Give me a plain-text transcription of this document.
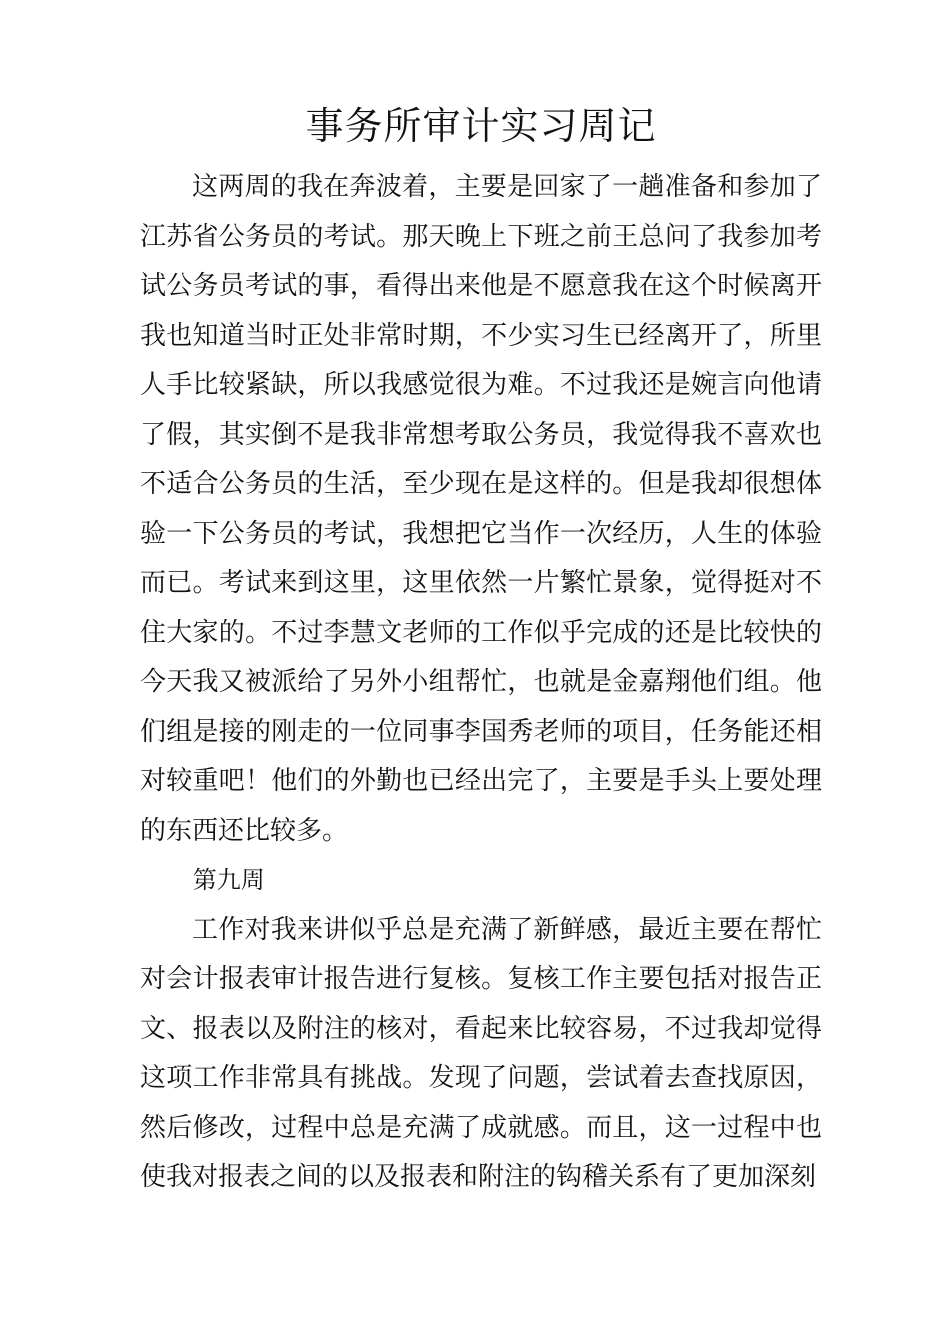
事务所审计实习周记

这两周的我在奔波着，主要是回家了一趟准备和参加了江苏省公务员的考试。那天晚上下班之前王总问了我参加考试公务员考试的事，看得出来他是不愿意我在这个时候离开我也知道当时正处非常时期，不少实习生已经离开了，所里人手比较紧缺，所以我感觉很为难。不过我还是婉言向他请了假，其实倒不是我非常想考取公务员，我觉得我不喜欢也不适合公务员的生活，至少现在是这样的。但是我却很想体验一下公务员的考试，我想把它当作一次经历，人生的体验而已。考试来到这里，这里依然一片繁忙景象，觉得挺对不住大家的。不过李慧文老师的工作似乎完成的还是比较快的今天我又被派给了另外小组帮忙，也就是金嘉翔他们组。他们组是接的刚走的一位同事李国秀老师的项目，任务能还相对较重吧！他们的外勤也已经出完了，主要是手头上要处理的东西还比较多。

第九周

工作对我来讲似乎总是充满了新鲜感，最近主要在帮忙对会计报表审计报告进行复核。复核工作主要包括对报告正文、报表以及附注的核对，看起来比较容易，不过我却觉得这项工作非常具有挑战。发现了问题，尝试着去查找原因，然后修改，过程中总是充满了成就感。而且，这一过程中也使我对报表之间的以及报表和附注的钩稽关系有了更加深刻
